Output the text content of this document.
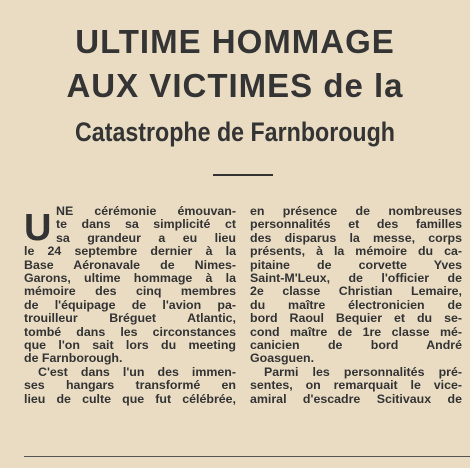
ULTIME HOMMAGE
AUX VICTIMES de la
Catastrophe de Farnborough
U NE cérémonie émouvan-
te dans sa simplicité ct
sa grandeur a eu lieu
le 24 septembre dernier à la
Base Aéronavale de Nimes-
Garons, ultime hommage à la
mémoire des cinq membres
de l'équipage de l'avion pa-
trouilleur Bréguet Atlantic,
tombé dans les circonstances
que l'on sait lors du meeting
de Farnborough.
C'est dans l'un des immen-
ses hangars transformé en
lieu de culte que fut célébrée,
en présence de nombreuses
personnalités et des familles
des disparus la messe, corps
présents, à la mémoire du ca-
pitaine de corvette Yves
Saint-M'Leux, de l'officier de
2e classe Christian Lemaire,
du maître électronicien de
bord Raoul Bequier et du se-
cond maître de 1re classe mé-
canicien de bord André
Goasguen.
Parmi les personnalités pré-
sentes, on remarquait le vice-
amiral d'escadre Scitivaux de
